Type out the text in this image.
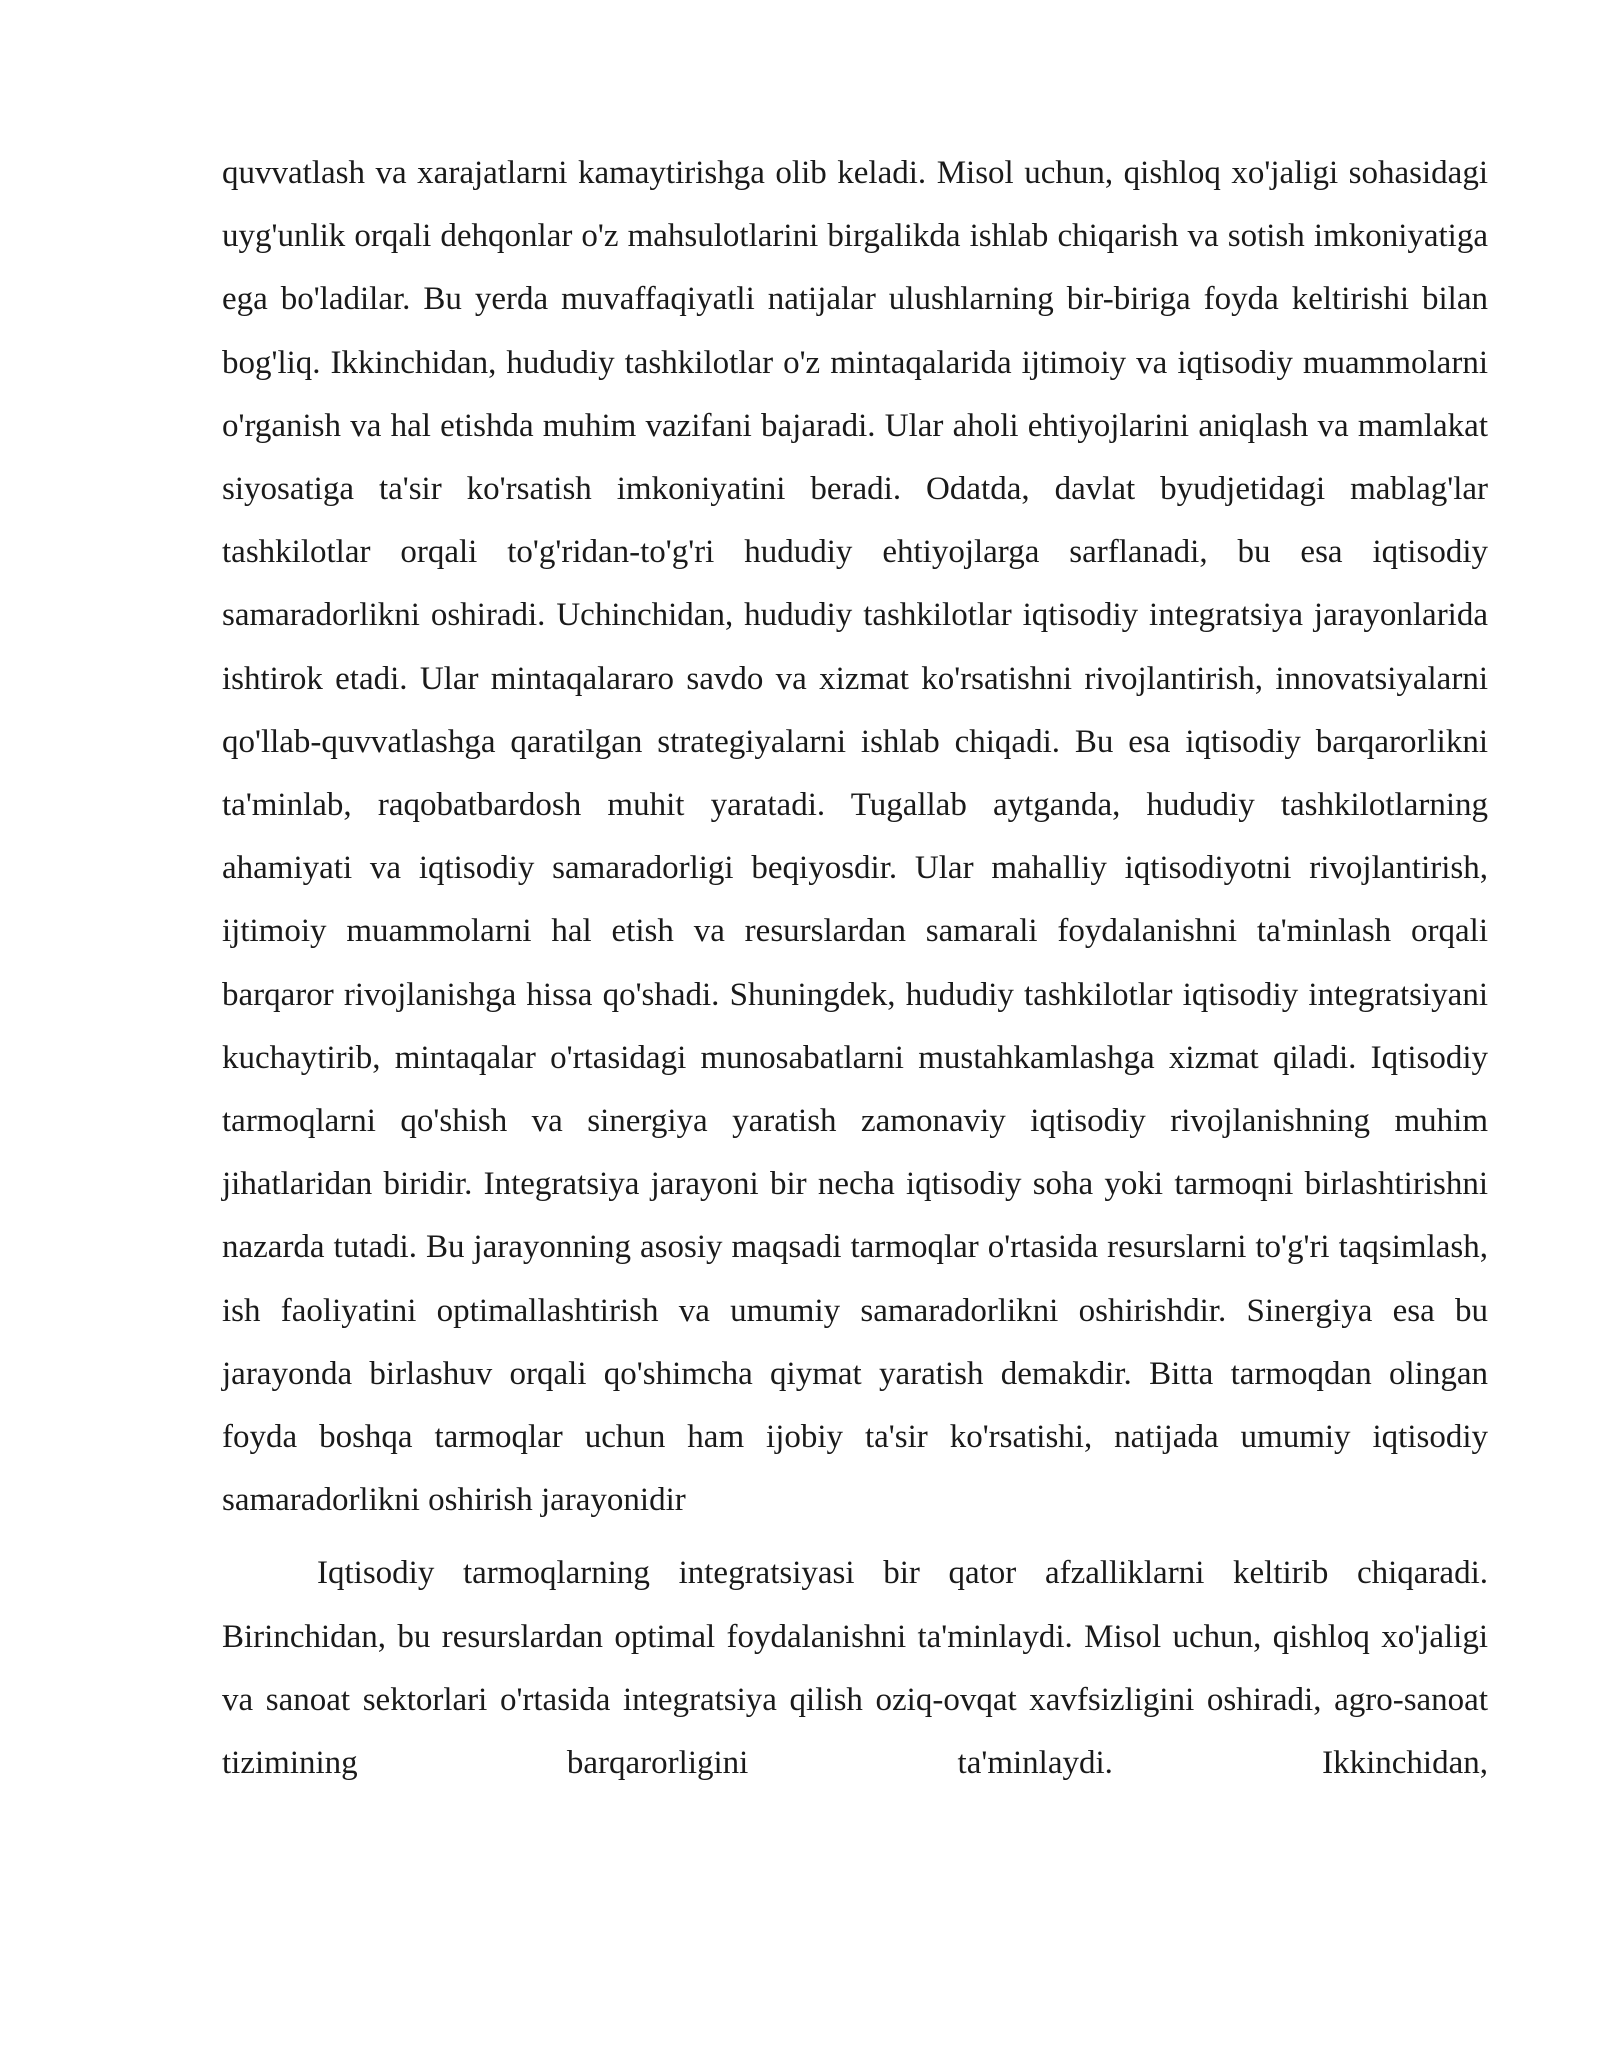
quvvatlash va xarajatlarni kamaytirishga olib keladi. Misol uchun, qishloq xo'jaligi sohasidagi uyg'unlik orqali dehqonlar o'z mahsulotlarini birgalikda ishlab chiqarish va sotish imkoniyatiga ega bo'ladilar. Bu yerda muvaffaqiyatli natijalar ulushlarning bir-biriga foyda keltirishi bilan bog'liq. Ikkinchidan, hududiy tashkilotlar o'z mintaqalarida ijtimoiy va iqtisodiy muammolarni o'rganish va hal etishda muhim vazifani bajaradi. Ular aholi ehtiyojlarini aniqlash va mamlakat siyosatiga ta'sir ko'rsatish imkoniyatini beradi. Odatda, davlat byudjetidagi mablag'lar tashkilotlar orqali to'g'ridan-to'g'ri hududiy ehtiyojlarga sarflanadi, bu esa iqtisodiy samaradorlikni oshiradi. Uchinchidan, hududiy tashkilotlar iqtisodiy integratsiya jarayonlarida ishtirok etadi. Ular mintaqalararo savdo va xizmat ko'rsatishni rivojlantirish, innovatsiyalarni qo'llab-quvvatlashga qaratilgan strategiyalarni ishlab chiqadi. Bu esa iqtisodiy barqarorlikni ta'minlab, raqobatbardosh muhit yaratadi. Tugallab aytganda, hududiy tashkilotlarning ahamiyati va iqtisodiy samaradorligi beqiyosdir. Ular mahalliy iqtisodiyotni rivojlantirish, ijtimoiy muammolarni hal etish va resurslardan samarali foydalanishni ta'minlash orqali barqaror rivojlanishga hissa qo'shadi. Shuningdek, hududiy tashkilotlar iqtisodiy integratsiyani kuchaytirib, mintaqalar o'rtasidagi munosabatlarni mustahkamlashga xizmat qiladi. Iqtisodiy tarmoqlarni qo'shish va sinergiya yaratish zamonaviy iqtisodiy rivojlanishning muhim jihatlaridan biridir. Integratsiya jarayoni bir necha iqtisodiy soha yoki tarmoqni birlashtirishni nazarda tutadi. Bu jarayonning asosiy maqsadi tarmoqlar o'rtasida resurslarni to'g'ri taqsimlash, ish faoliyatini optimallashtirish va umumiy samaradorlikni oshirishdir. Sinergiya esa bu jarayonda birlashuv orqali qo'shimcha qiymat yaratish demakdir. Bitta tarmoqdan olingan foyda boshqa tarmoqlar uchun ham ijobiy ta'sir ko'rsatishi, natijada umumiy iqtisodiy samaradorlikni oshirish jarayonidir

Iqtisodiy tarmoqlarning integratsiyasi bir qator afzalliklarni keltirib chiqaradi. Birinchidan, bu resurslardan optimal foydalanishni ta'minlaydi. Misol uchun, qishloq xo'jaligi va sanoat sektorlari o'rtasida integratsiya qilish oziq-ovqat xavfsizligini oshiradi, agro-sanoat tizimining barqarorligini ta'minlaydi. Ikkinchidan,
